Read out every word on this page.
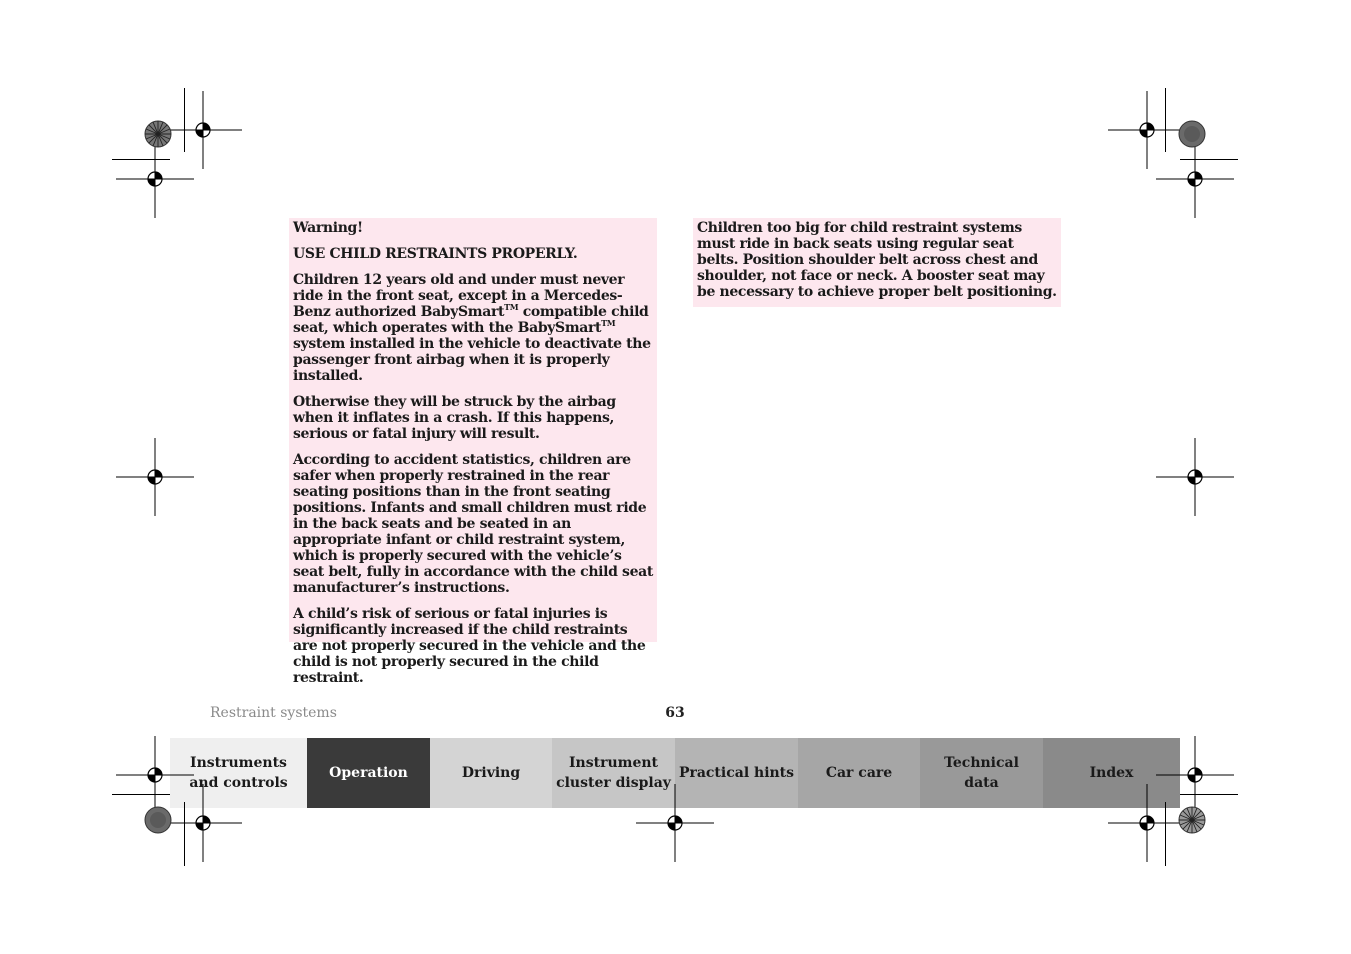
Warning!

USE CHILD RESTRAINTS PROPERLY.

Children 12 years old and under must never ride in the front seat, except in a Mercedes-Benz authorized BabySmart™ compatible child seat, which operates with the BabySmart™ system installed in the vehicle to deactivate the passenger front airbag when it is properly installed.

Otherwise they will be struck by the airbag when it inflates in a crash. If this happens, serious or fatal injury will result.

According to accident statistics, children are safer when properly restrained in the rear seating positions than in the front seating positions. Infants and small children must ride in the back seats and be seated in an appropriate infant or child restraint system, which is properly secured with the vehicle’s seat belt, fully in accordance with the child seat manufacturer’s instructions.

A child’s risk of serious or fatal injuries is significantly increased if the child restraints are not properly secured in the vehicle and the child is not properly secured in the child restraint.

Children too big for child restraint systems must ride in back seats using regular seat belts. Position shoulder belt across chest and shoulder, not face or neck. A booster seat may be necessary to achieve proper belt positioning.

Restraint systems	63
Instruments
and controls
Operation	Driving
Instrument
cluster display
Practical hints	Car care
Technical
data
Index
